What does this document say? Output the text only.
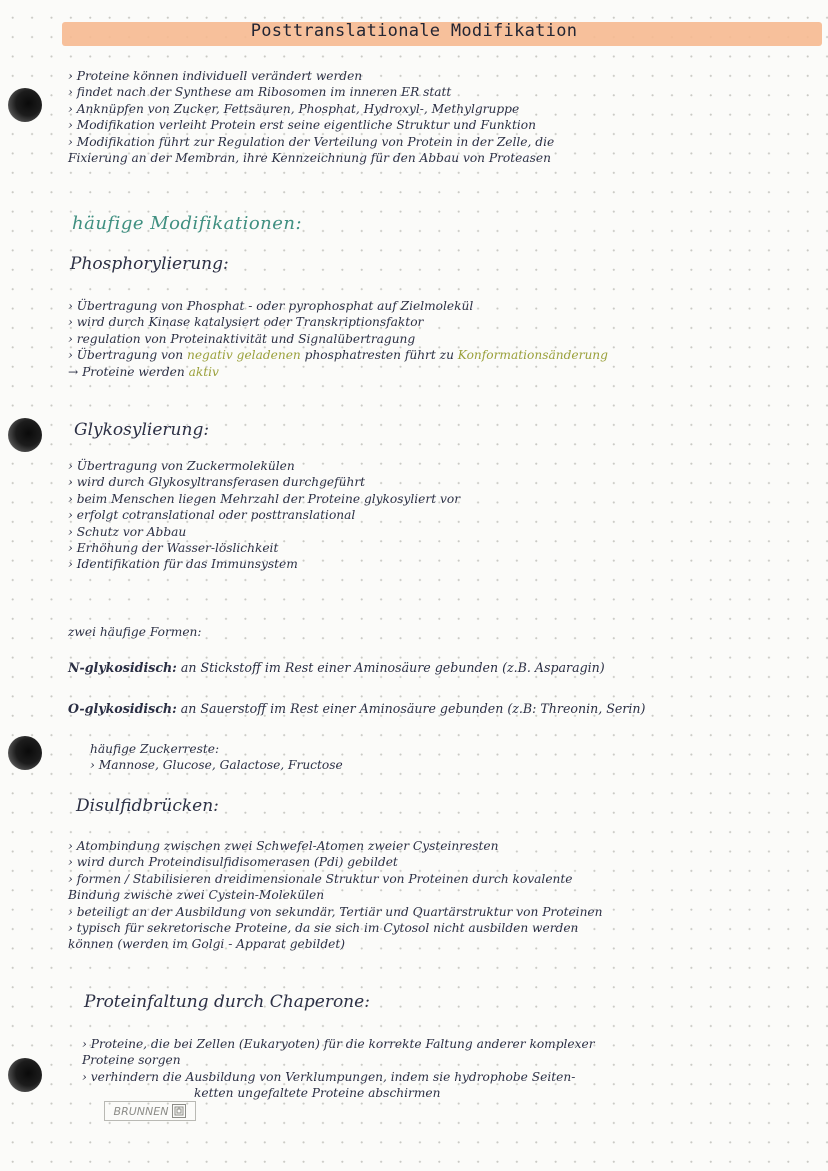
Posttranslationale Modifikation
› Proteine können individuell verändert werden
› findet nach der Synthese am Ribosomen im inneren ER statt
› Anknüpfen von Zucker, Fettsäuren, Phosphat, Hydroxyl-, Methylgruppe
› Modifikation verleiht Protein erst seine eigentliche Struktur und Funktion
› Modifikation führt zur Regulation der Verteilung von Protein in der Zelle, die
Fixierung an der Membran, ihre Kennzeichnung für den Abbau von Proteasen
häufige Modifikationen:
Phosphorylierung:
› Übertragung von Phosphat - oder pyrophosphat auf Zielmolekül
› wird durch Kinase katalysiert oder Transkriptionsfaktor
› regulation von Proteinaktivität und Signalübertragung
› Übertragung von negativ geladenen phosphatresten führt zu Konformationsänderung
→ Proteine werden aktiv
Glykosylierung:
› Übertragung von Zuckermolekülen
› wird durch Glykosyltransferasen durchgeführt
› beim Menschen liegen Mehrzahl der Proteine glykosyliert vor
› erfolgt cotranslational oder posttranslational
› Schutz vor Abbau
› Erhöhung der Wasser-löslichkeit
› Identifikation für das Immunsystem
zwei häufige Formen:
N-glykosidisch: an Stickstoff im Rest einer Aminosäure gebunden (z.B. Asparagin)
O-glykosidisch: an Sauerstoff im Rest einer Aminosäure gebunden (z.B: Threonin, Serin)
häufige Zuckerreste:
› Mannose, Glucose, Galactose, Fructose
Disulfidbrücken:
› Atombindung zwischen zwei Schwefel-Atomen zweier Cysteinresten
› wird durch Proteindisulfidisomerasen (Pdi) gebildet
› formen / Stabilisieren dreidimensionale Struktur von Proteinen durch kovalente
Bindung zwische zwei Cystein-Molekülen
› beteiligt an der Ausbildung von sekundär, Tertiär und Quartärstruktur von Proteinen
› typisch für sekretorische Proteine, da sie sich im Cytosol nicht ausbilden werden
können (werden im Golgi - Apparat gebildet)
Proteinfaltung durch Chaperone:
› Proteine, die bei Zellen (Eukaryoten) für die korrekte Faltung anderer komplexer
Proteine sorgen
› verhindern die Ausbildung von Verklumpungen, indem sie hydrophobe Seiten-
ketten ungefaltete Proteine abschirmen
BRUNNEN
